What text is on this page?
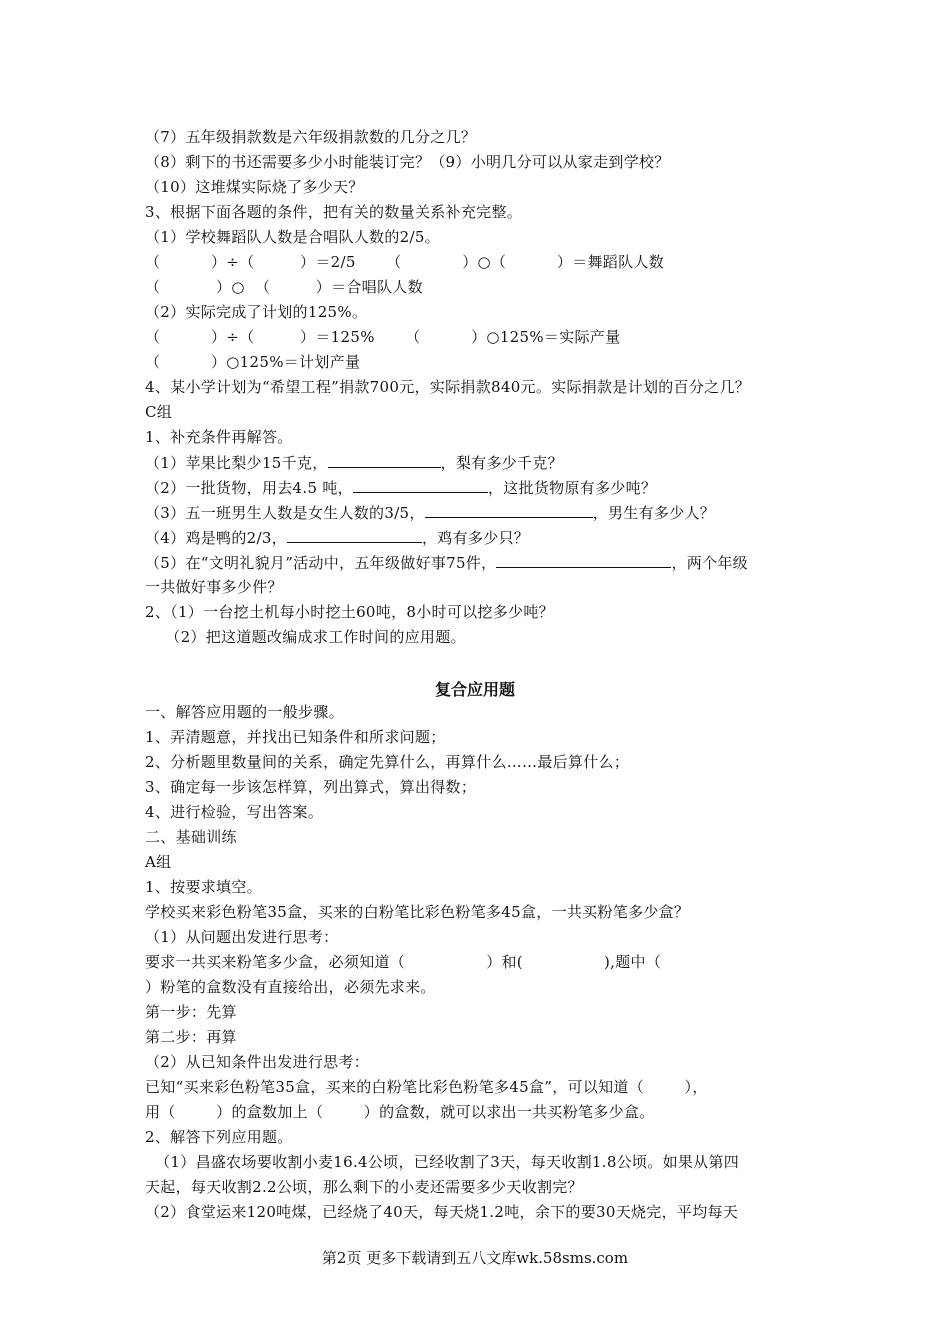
（7）五年级捐款数是六年级捐款数的几分之几？
（8）剩下的书还需要多少小时能装订完？（9）小明几分可以从家走到学校？
（10）这堆煤实际烧了多少天？
3、根据下面各题的条件，把有关的数量关系补充完整。
（1）学校舞蹈队人数是合唱队人数的2/5。
（          ）÷（         ）＝2/5      （            ）○（          ）＝舞蹈队人数
（           ）○  （         ）＝合唱队人数
（2）实际完成了计划的125%。
（          ）÷（         ）＝125%      （          ）○125%＝实际产量
（          ）○125%＝计划产量
4、某小学计划为“希望工程”捐款700元，实际捐款840元。实际捐款是计划的百分之几？
C组
1、补充条件再解答。
（1）苹果比梨少15千克，	，梨有多少千克？
（2）一批货物，用去4.5 吨，	，这批货物原有多少吨？
（3）五一班男生人数是女生人数的3/5，	，男生有多少人？
（4）鸡是鸭的2/3，	，鸡有多少只？
（5）在“文明礼貌月”活动中，五年级做好事75件，	，两个年级
一共做好事多少件？
2、（1）一台挖土机每小时挖土60吨，8小时可以挖多少吨？
（2）把这道题改编成求工作时间的应用题。
复合应用题
一、解答应用题的一般步骤。
1、弄清题意，并找出已知条件和所求问题；
2、分析题里数量间的关系，确定先算什么，再算什么……最后算什么；
3、确定每一步该怎样算，列出算式，算出得数；
4、进行检验，写出答案。
二、基础训练
A组
1、按要求填空。
学校买来彩色粉笔35盒，买来的白粉笔比彩色粉笔多45盒，一共买粉笔多少盒？
（1）从问题出发进行思考：
要求一共买来粉笔多少盒，必须知道（                ）和(                ),题中（
）粉笔的盒数没有直接给出，必须先求来。
第一步：先算
第二步：再算
（2）从已知条件出发进行思考：
已知“买来彩色粉笔35盒，买来的白粉笔比彩色粉笔多45盒”，可以知道（        ），
用（        ）的盒数加上（        ）的盒数，就可以求出一共买粉笔多少盒。
2、解答下列应用题。
（1）昌盛农场要收割小麦16.4公顷，已经收割了3天，每天收割1.8公顷。如果从第四
天起，每天收割2.2公顷，那么剩下的小麦还需要多少天收割完？
（2）食堂运来120吨煤，已经烧了40天，每天烧1.2吨，余下的要30天烧完，平均每天
第2页 更多下载请到五八文库wk.58sms.com
